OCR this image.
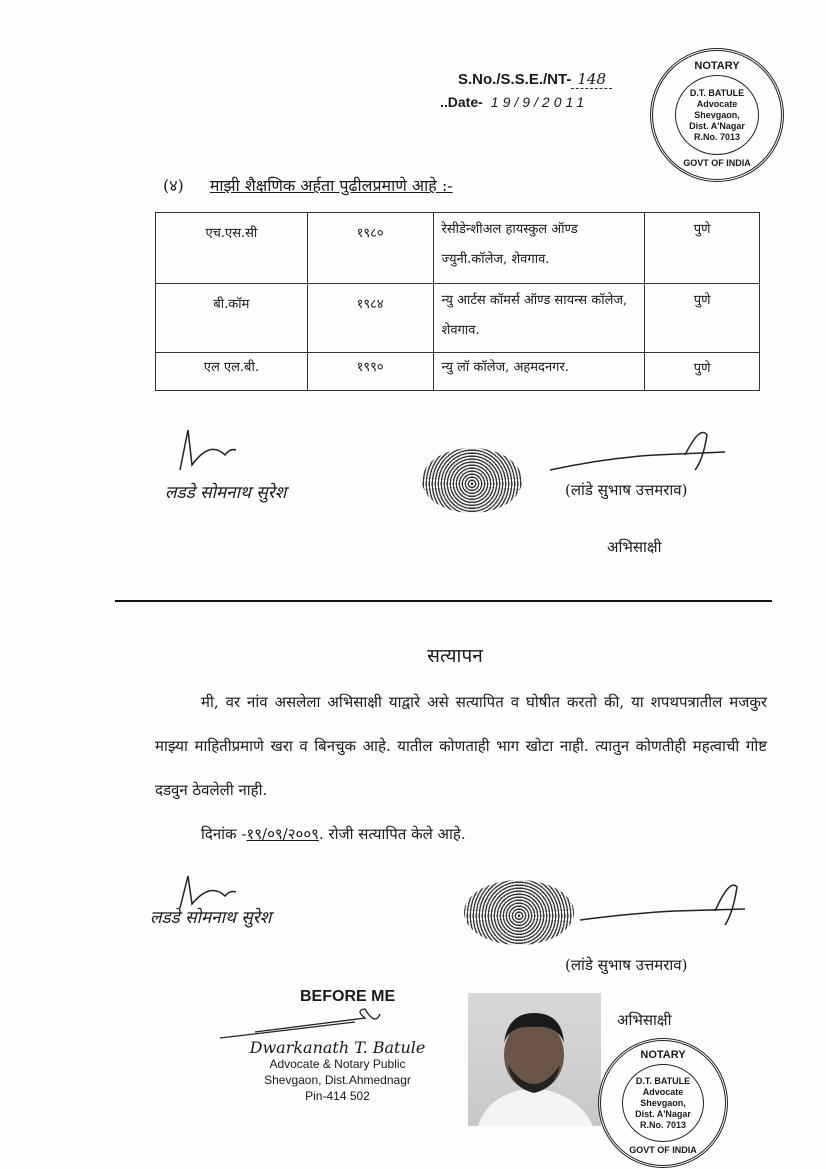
S.No./S.S.E./NT- 148
..Date- 19/9/2011
NOTARY
D.T. BATULE
Advocate
Shevgaon,
Dist. A'Nagar
R.No. 7013
GOVT OF INDIA
(४) माझी शैक्षणिक अर्हता पुढीलप्रमाणे आहे :-
एच.एस.सी	१९८०	रेसीडेन्शीअल हायस्कुल ऑण्ड ज्युनी.कॉलेज, शेवगाव.	पुणे
बी.कॉम	१९८४	न्यु आर्टस कॉमर्स ऑण्ड सायन्स कॉलेज, शेवगाव.	पुणे
एल एल.बी.	१९९०	न्यु लॉ कॉलेज, अहमदनगर.	पुणे
लडडे सोमनाथ सुरेश	(लांडे सुभाष उत्तमराव)
अभिसाक्षी
सत्यापन

मी, वर नांव असलेला अभिसाक्षी याद्वारे असे सत्यापित व घोषीत करतो की, या शपथपत्रातील मजकुर माझ्या माहितीप्रमाणे खरा व बिनचुक आहे. यातील कोणताही भाग खोटा नाही. त्यातुन कोणतीही महत्वाची गोष्ट दडवुन ठेवलेली नाही.

दिनांक -१९/०९/२००९. रोजी सत्यापित केले आहे.

लडडे सोमनाथ सुरेश
(लांडे सुभाष उत्तमराव)
BEFORE ME
Dwarkanath T. Batule
Advocate & Notary Public
Shevgaon, Dist.Ahmednagr
Pin-414 502
अभिसाक्षी
NOTARY
D.T. BATULE
Advocate
Shevgaon,
Dist. A'Nagar
R.No. 7013
GOVT OF INDIA
